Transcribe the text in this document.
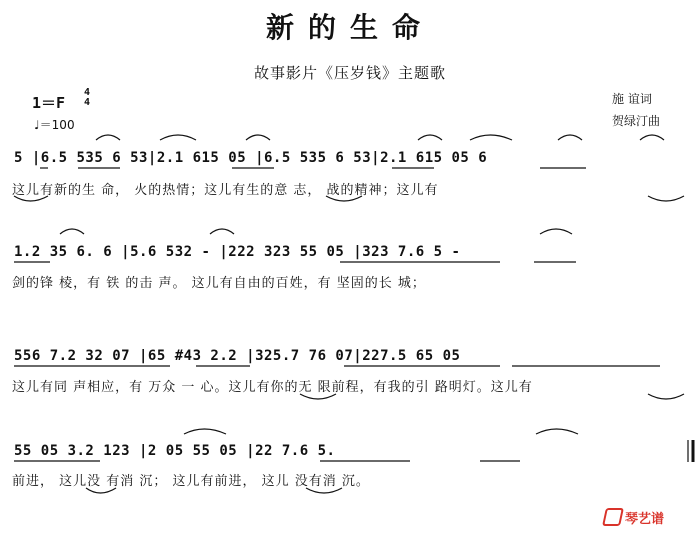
新的生命
故事影片《压岁钱》主题歌
1＝F
4
4
♩＝100
施 谊词
贺绿汀曲
5 |6.5 535 6 53|2.1 615 05 |6.5 535 6 53|2.1 615 05 6
这儿有新的生 命， 火的热情；这儿有生的意 志， 战的精神；这儿有
1.2 35 6. 6 |5.6 532 - |222 323 55 05 |323 7.6 5 -
剑的锋 棱，有 铁 的击 声。 这儿有自由的百姓，有 坚固的长 城；
556 7.2 32 07 |65 #43 2.2 |325.7 76 07|227.5 65 05
这儿有同 声相应，有 万众 一 心。这儿有你的无 限前程，有我的引 路明灯。这儿有
55 05 3.2 123 |2 05 55 05 |22 7.6 5.
前进， 这儿没 有消 沉； 这儿有前进， 这儿 没有消 沉。
琴艺谱
